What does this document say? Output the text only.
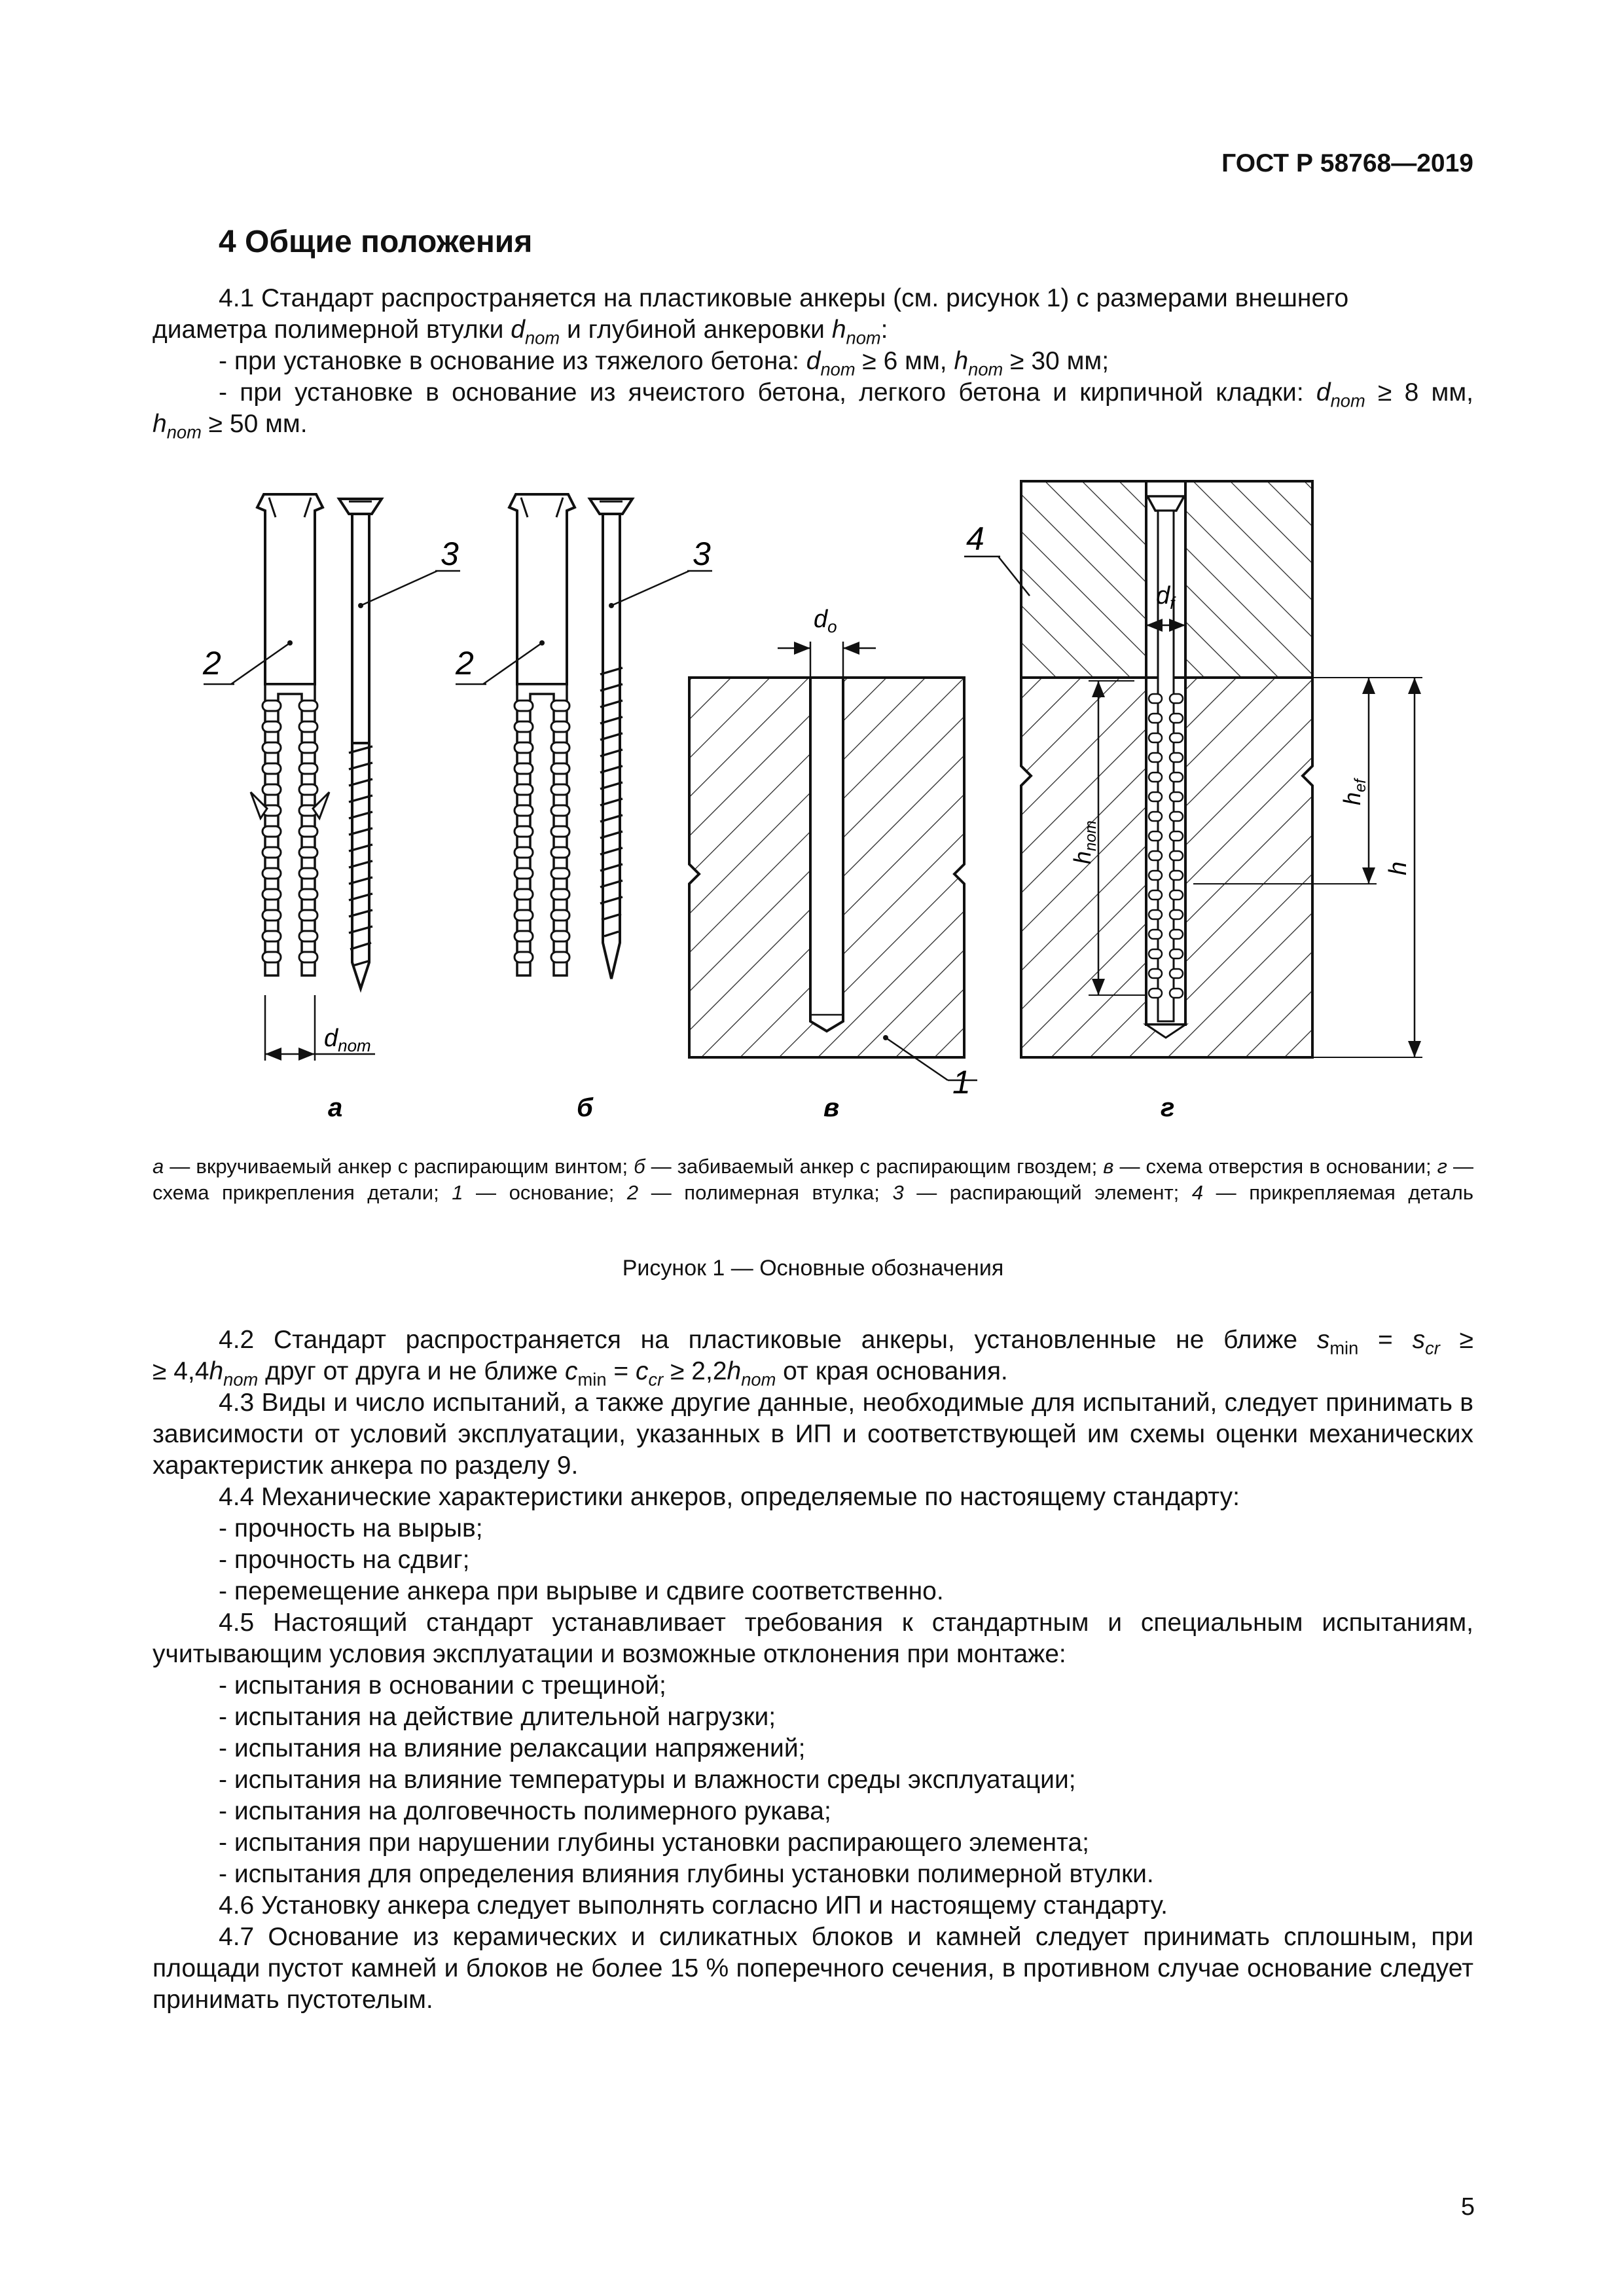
ГОСТ Р 58768—2019
4 Общие положения

4.1 Стандарт распространяется на пластиковые анкеры (см. рисунок 1) с размерами внешнего

диаметра полимерной втулки $d_{nom}$ и глубиной анкеровки $h_{nom}$:

- при установке в основание из тяжелого бетона: $d_{nom} \ge 6$ мм, $h_{nom} \ge 30$ мм;

- при установке в основание из ячеистого бетона, легкого бетона и кирпичной кладки: $d_{nom} \ge 8$ мм,

$h_{nom} \ge 50$ мм.

$d_{nom}$
2
3
а
2
3
б
$d_o$
1
в
$d_f$
4
$h_{nom}$
$h_{ef}$
h
г
а — вкручиваемый анкер с распирающим винтом; б — забиваемый анкер с распирающим гвоздем; в — схема отверстия в основании; г — схема прикрепления детали; 1 — основание; 2 — полимерная втулка; 3 — распирающий элемент; 4 — прикрепляемая деталь
Рисунок 1 — Основные обозначения

4.2 Стандарт распространяется на пластиковые анкеры, установленные не ближе $s_{min} = s_{cr}$ ≥

≥ $4,4h_{nom}$ друг от друга и не ближе $c_{min} = c_{cr} \ge 2,2h_{nom}$ от края основания.

4.3 Виды и число испытаний, а также другие данные, необходимые для испытаний, следует принимать в зависимости от условий эксплуатации, указанных в ИП и соответствующей им схемы оценки механических характеристик анкера по разделу 9.

4.4 Механические характеристики анкеров, определяемые по настоящему стандарту:

- прочность на вырыв;

- прочность на сдвиг;

- перемещение анкера при вырыве и сдвиге соответственно.

4.5 Настоящий стандарт устанавливает требования к стандартным и специальным испытаниям, учитывающим условия эксплуатации и возможные отклонения при монтаже:

- испытания в основании с трещиной;

- испытания на действие длительной нагрузки;

- испытания на влияние релаксации напряжений;

- испытания на влияние температуры и влажности среды эксплуатации;

- испытания на долговечность полимерного рукава;

- испытания при нарушении глубины установки распирающего элемента;

- испытания для определения влияния глубины установки полимерной втулки.

4.6 Установку анкера следует выполнять согласно ИП и настоящему стандарту.

4.7 Основание из керамических и силикатных блоков и камней следует принимать сплошным, при площади пустот камней и блоков не более 15 % поперечного сечения, в противном случае основание следует принимать пустотелым.

5
